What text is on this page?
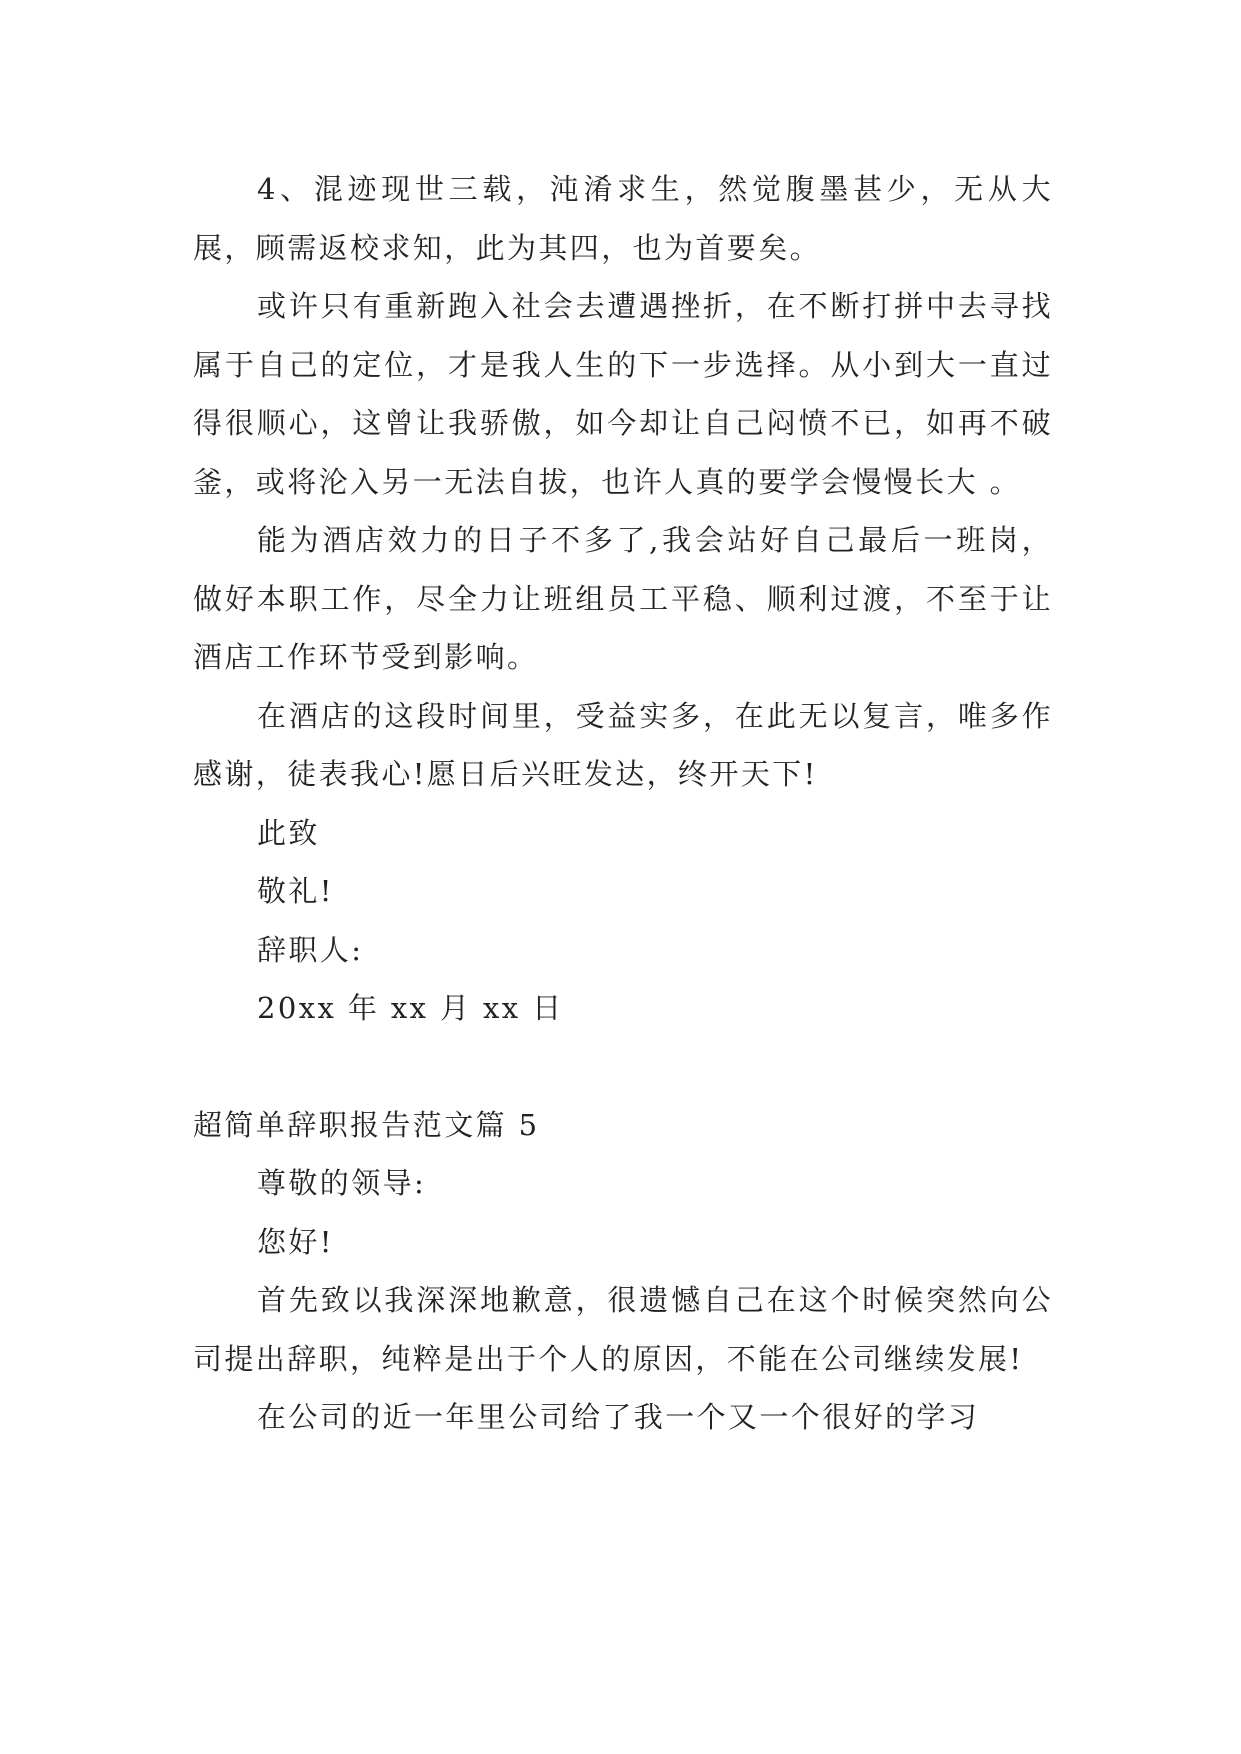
4、混迹现世三载，沌淆求生，然觉腹墨甚少，无从大展，顾需返校求知，此为其四，也为首要矣。

或许只有重新跑入社会去遭遇挫折，在不断打拼中去寻找属于自己的定位，才是我人生的下一步选择。从小到大一直过得很顺心，这曾让我骄傲，如今却让自己闷愤不已，如再不破釜，或将沦入另一无法自拔，也许人真的要学会慢慢长大 。

能为酒店效力的日子不多了,我会站好自己最后一班岗，做好本职工作，尽全力让班组员工平稳、顺利过渡，不至于让酒店工作环节受到影响。

在酒店的这段时间里，受益实多，在此无以复言，唯多作感谢，徒表我心!愿日后兴旺发达，终开天下!

此致

敬礼!

辞职人:

20xx 年 xx 月 xx 日

超简单辞职报告范文篇 5

尊敬的领导:

您好!

首先致以我深深地歉意，很遗憾自己在这个时候突然向公司提出辞职，纯粹是出于个人的原因，不能在公司继续发展!

在公司的近一年里公司给了我一个又一个很好的学习
